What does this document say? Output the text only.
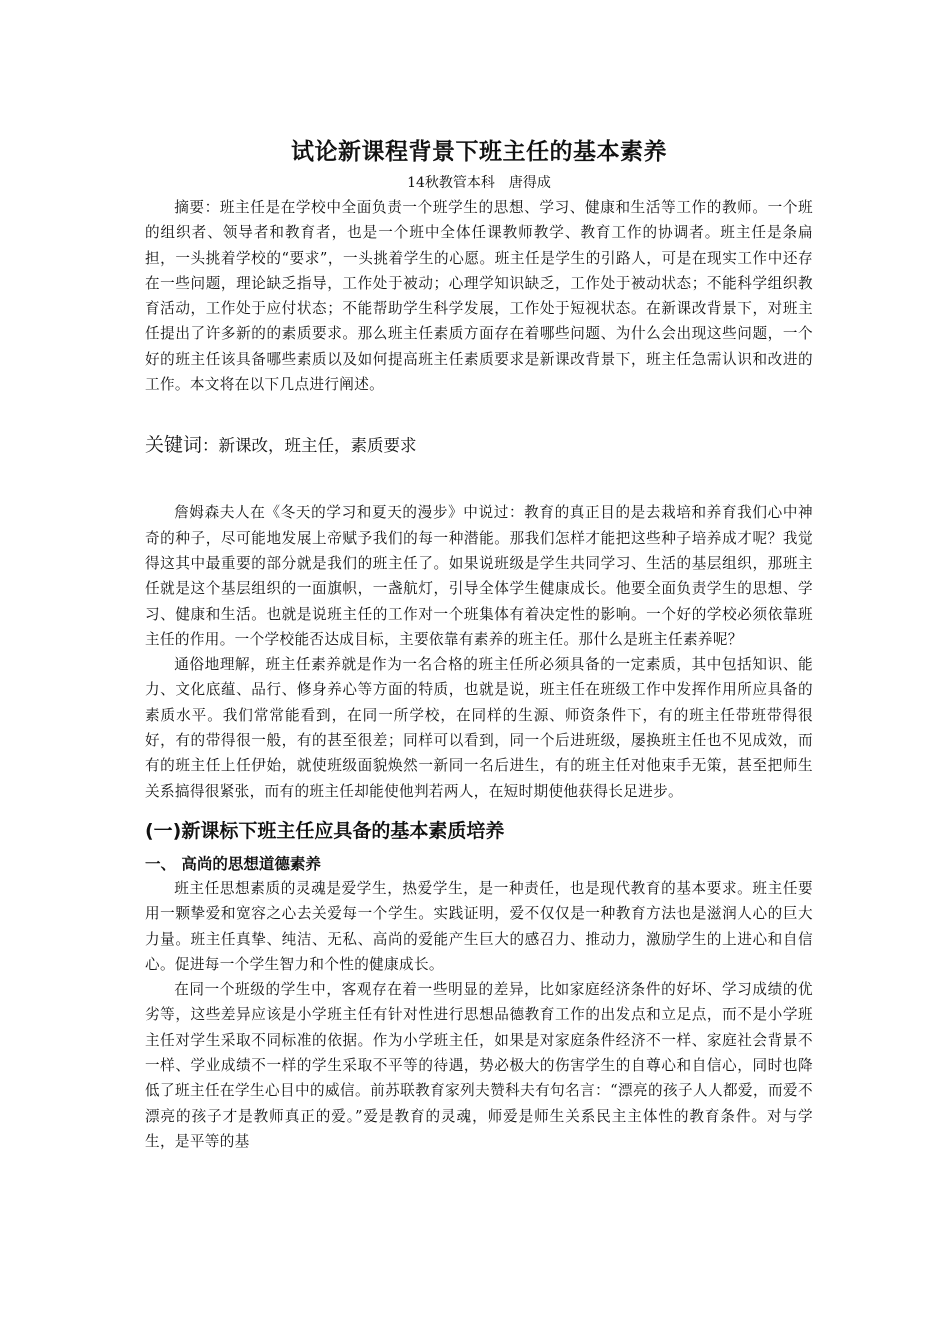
试论新课程背景下班主任的基本素养
14秋教管本科 唐得成

摘要：班主任是在学校中全面负责一个班学生的思想、学习、健康和生活等工作的教师。一个班的组织者、领导者和教育者，也是一个班中全体任课教师教学、教育工作的协调者。班主任是条扁担，一头挑着学校的“要求”，一头挑着学生的心愿。班主任是学生的引路人，可是在现实工作中还存在一些问题，理论缺乏指导，工作处于被动；心理学知识缺乏，工作处于被动状态；不能科学组织教育活动，工作处于应付状态；不能帮助学生科学发展，工作处于短视状态。在新课改背景下，对班主任提出了许多新的的素质要求。那么班主任素质方面存在着哪些问题、为什么会出现这些问题，一个好的班主任该具备哪些素质以及如何提高班主任素质要求是新课改背景下，班主任急需认识和改进的工作。本文将在以下几点进行阐述。

关键词：新课改，班主任，素质要求

詹姆森夫人在《冬天的学习和夏天的漫步》中说过：教育的真正目的是去栽培和养育我们心中神奇的种子，尽可能地发展上帝赋予我们的每一种潜能。那我们怎样才能把这些种子培养成才呢？我觉得这其中最重要的部分就是我们的班主任了。如果说班级是学生共同学习、生活的基层组织，那班主任就是这个基层组织的一面旗帜，一盏航灯，引导全体学生健康成长。他要全面负责学生的思想、学习、健康和生活。也就是说班主任的工作对一个班集体有着决定性的影响。一个好的学校必须依靠班主任的作用。一个学校能否达成目标，主要依靠有素养的班主任。那什么是班主任素养呢？

通俗地理解，班主任素养就是作为一名合格的班主任所必须具备的一定素质，其中包括知识、能力、文化底蕴、品行、修身养心等方面的特质，也就是说，班主任在班级工作中发挥作用所应具备的素质水平。我们常常能看到，在同一所学校，在同样的生源、师资条件下，有的班主任带班带得很好，有的带得很一般，有的甚至很差；同样可以看到，同一个后进班级，屡换班主任也不见成效，而有的班主任上任伊始，就使班级面貌焕然一新同一名后进生，有的班主任对他束手无策，甚至把师生关系搞得很紧张，而有的班主任却能使他判若两人，在短时期使他获得长足进步。

(一)新课标下班主任应具备的基本素质培养
一、 高尚的思想道德素养

班主任思想素质的灵魂是爱学生，热爱学生，是一种责任，也是现代教育的基本要求。班主任要用一颗挚爱和宽容之心去关爱每一个学生。实践证明，爱不仅仅是一种教育方法也是滋润人心的巨大力量。班主任真挚、纯洁、无私、高尚的爱能产生巨大的感召力、推动力，激励学生的上进心和自信心。促进每一个学生智力和个性的健康成长。

在同一个班级的学生中，客观存在着一些明显的差异，比如家庭经济条件的好坏、学习成绩的优劣等，这些差异应该是小学班主任有针对性进行思想品德教育工作的出发点和立足点，而不是小学班主任对学生采取不同标准的依据。作为小学班主任，如果是对家庭条件经济不一样、家庭社会背景不一样、学业成绩不一样的学生采取不平等的待遇，势必极大的伤害学生的自尊心和自信心，同时也降低了班主任在学生心目中的威信。前苏联教育家列夫赞科夫有句名言：“漂亮的孩子人人都爱，而爱不漂亮的孩子才是教师真正的爱。”爱是教育的灵魂，师爱是师生关系民主主体性的教育条件。对与学生，是平等的基
